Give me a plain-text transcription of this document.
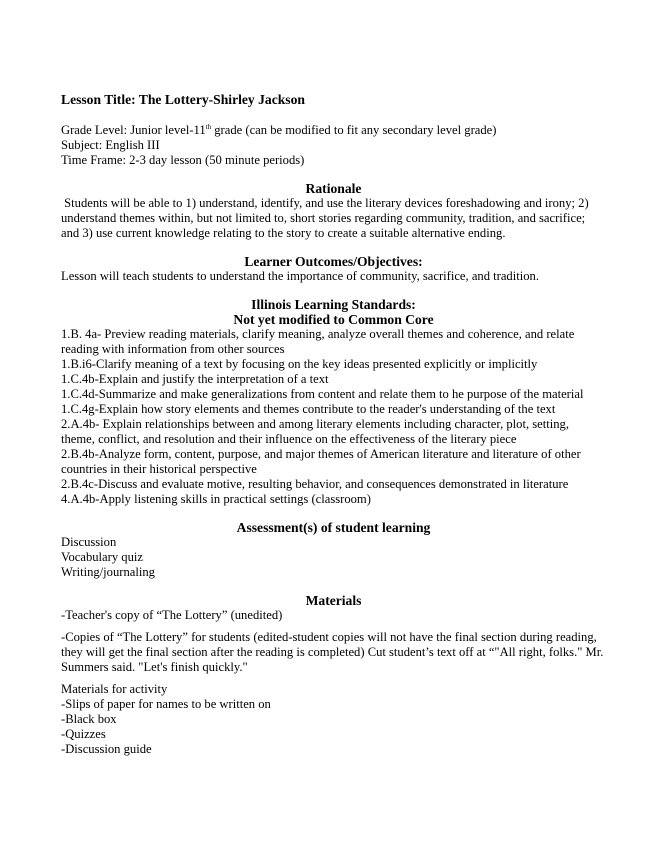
Lesson Title: The Lottery-Shirley Jackson
Grade Level: Junior level-11th grade (can be modified to fit any secondary level grade)
Subject: English III
Time Frame: 2-3 day lesson (50 minute periods)
Rationale

Students will be able to 1) understand, identify, and use the literary devices foreshadowing and irony; 2) understand themes within, but not limited to, short stories regarding community, tradition, and sacrifice; and 3) use current knowledge relating to the story to create a suitable alternative ending.

Learner Outcomes/Objectives:

Lesson will teach students to understand the importance of community, sacrifice, and tradition.

Illinois Learning Standards:
Not yet modified to Common Core
1.B. 4a- Preview reading materials, clarify meaning, analyze overall themes and coherence, and relate reading with information from other sources
1.B.i6-Clarify meaning of a text by focusing on the key ideas presented explicitly or implicitly
1.C.4b-Explain and justify the interpretation of a text
1.C.4d-Summarize and make generalizations from content and relate them to he purpose of the material
1.C.4g-Explain how story elements and themes contribute to the reader's understanding of the text
2.A.4b- Explain relationships between and among literary elements including character, plot, setting, theme, conflict, and resolution and their influence on the effectiveness of the literary piece
2.B.4b-Analyze form, content, purpose, and major themes of American literature and literature of other countries in their historical perspective
2.B.4c-Discuss and evaluate motive, resulting behavior, and consequences demonstrated in literature
4.A.4b-Apply listening skills in practical settings (classroom)
Assessment(s) of student learning
Discussion
Vocabulary quiz
Writing/journaling
Materials

-Teacher's copy of “The Lottery” (unedited)

-Copies of “The Lottery” for students (edited-student copies will not have the final section during reading, they will get the final section after the reading is completed) Cut student’s text off at “"All right, folks." Mr. Summers said. "Let's finish quickly."

Materials for activity
-Slips of paper for names to be written on
-Black box
-Quizzes
-Discussion guide
